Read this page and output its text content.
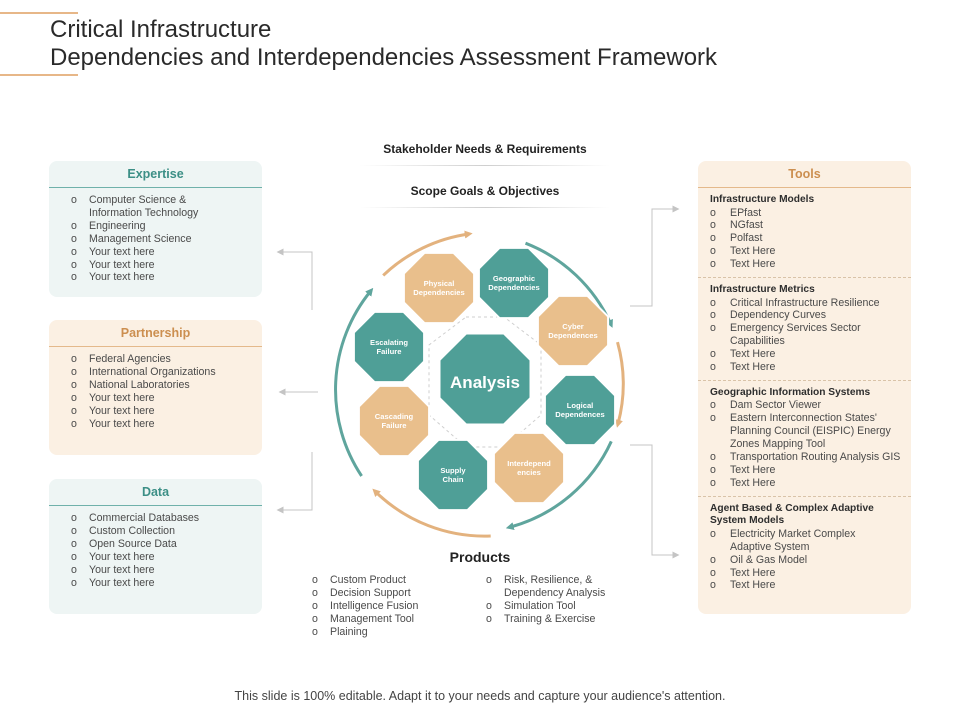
Critical Infrastructure
Dependencies and Interdependencies Assessment Framework
Expertise
o Computer Science &
Information Technology
o Engineering
o Management Science
o Your text here
o Your text here
o Your text here
Partnership
o Federal Agencies
o International Organizations
o National Laboratories
o Your text here
o Your text here
o Your text here
Data
o Commercial Databases
o Custom Collection
o Open Source Data
o Your text here
o Your text here
o Your text here
Tools
Infrastructure Models
o EPfast
o NGfast
o Polfast
o Text Here
o Text Here
Infrastructure Metrics
o Critical Infrastructure Resilience
o Dependency Curves
o Emergency Services Sector
Capabilities
o Text Here
o Text Here
Geographic Information Systems
o Dam Sector Viewer
o Eastern Interconnection States'
Planning Council (EISPIC) Energy
Zones Mapping Tool
o Transportation Routing Analysis GIS
o Text Here
o Text Here
Agent Based & Complex Adaptive
System Models
o Electricity Market Complex
Adaptive System
o Oil & Gas Model
o Text Here
o Text Here
Stakeholder Needs & Requirements
Scope Goals & Objectives
Analysis
Physical Dependencies
Geographic Dependencies
Cyber Dependences
Logical Dependences
Interdepend encies
Supply Chain
Cascading Failure
Escalating Failure
Products
o Custom Product
o Decision Support
o Intelligence Fusion
o Management Tool
o Plaining
o Risk, Resilience, &
Dependency Analysis
o Simulation Tool
o Training & Exercise
This slide is 100% editable. Adapt it to your needs and capture your audience's attention.
